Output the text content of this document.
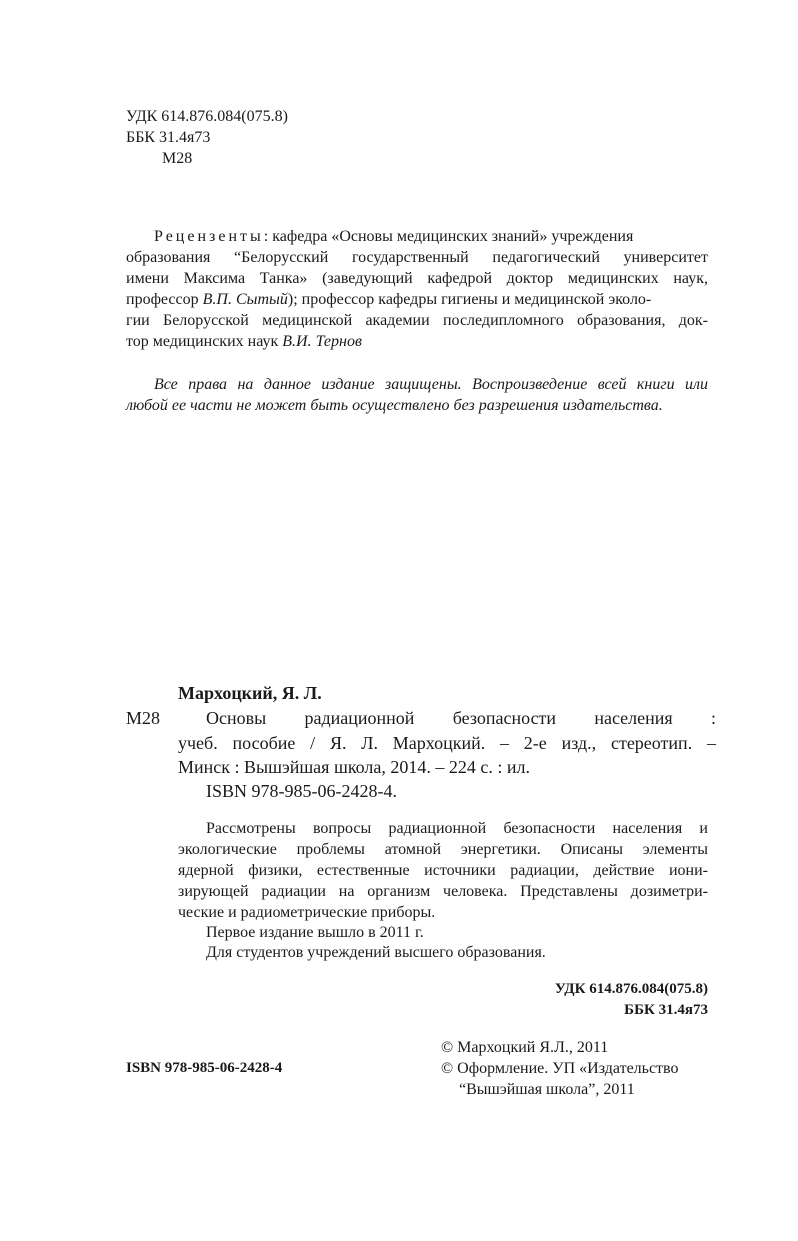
УДК 614.876.084(075.8)
ББК 31.4я73
М28
Рецензенты: кафедра «Основы медицинских знаний» учреждения
образования “Белорусский государственный педагогический университет
имени Максима Танка» (заведующий кафедрой доктор медицинских наук,
профессор В.П. Сытый); профессор кафедры гигиены и медицинской эколо-
гии Белорусской медицинской академии последипломного образования, док-
тор медицинских наук В.И. Тернов
Все права на данное издание защищены. Воспроизведение всей книги или
любой ее части не может быть осуществлено без разрешения издательства.
Мархоцкий, Я. Л.
М28	Основы радиационной безопасности населения :
учеб. пособие / Я. Л. Мархоцкий. – 2-е изд., стереотип. –
Минск : Вышэйшая школа, 2014. – 224 с. : ил.
ISBN 978-985-06-2428-4.
Рассмотрены вопросы радиационной безопасности населения и
экологические проблемы атомной энергетики. Описаны элементы
ядерной физики, естественные источники радиации, действие иони-
зирующей радиации на организм человека. Представлены дозиметри-
ческие и радиометрические приборы.
Первое издание вышло в 2011 г.
Для студентов учреждений высшего образования.
УДК 614.876.084(075.8)
ББК 31.4я73
ISBN 978-985-06-2428-4
© Мархоцкий Я.Л., 2011
© Оформление. УП «Издательство
“Вышэйшая школа”, 2011
